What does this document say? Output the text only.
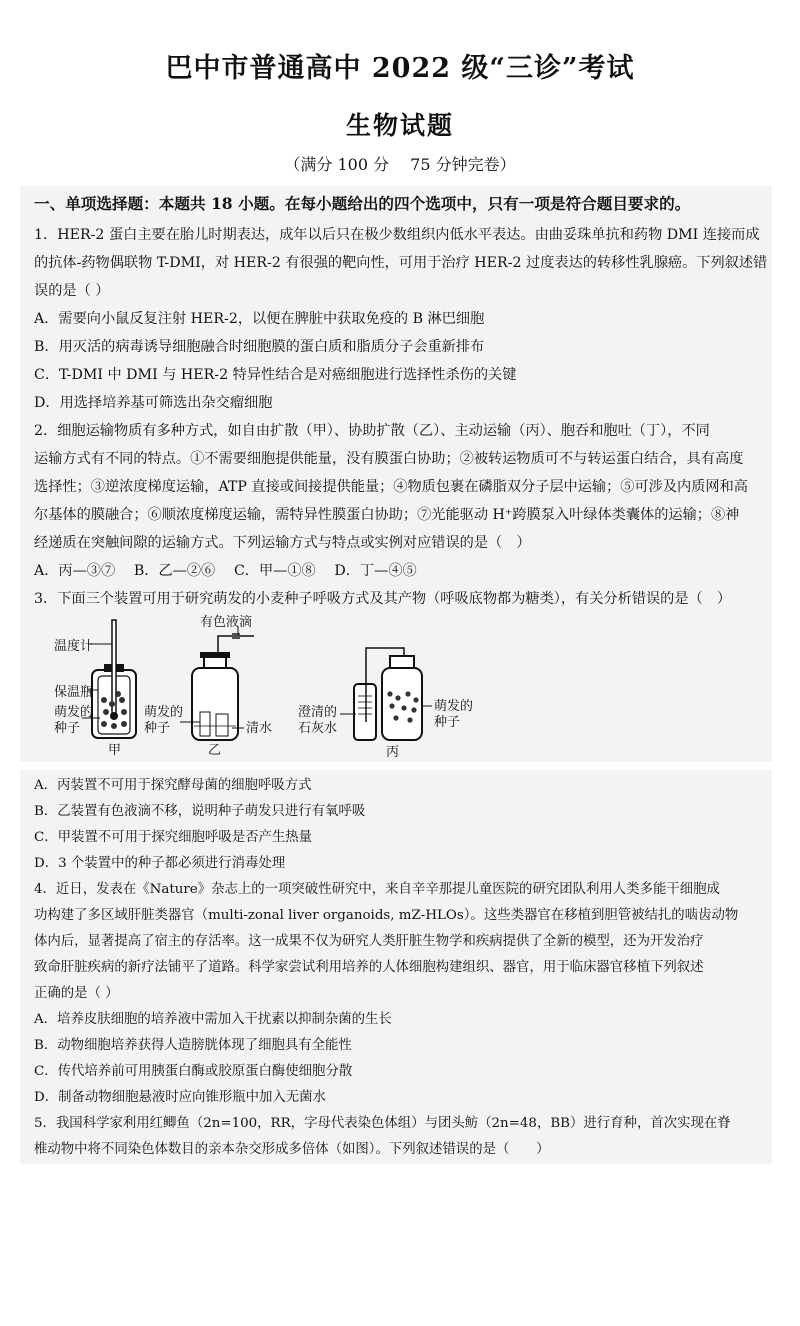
巴中市普通高中 2022 级“三诊”考试
生物试题
（满分 100 分　 75 分钟完卷）
一、单项选择题：本题共 18 小题。在每小题给出的四个选项中，只有一项是符合题目要求的。
1．HER-2 蛋白主要在胎儿时期表达，成年以后只在极少数组织内低水平表达。由曲妥珠单抗和药物 DMI 连接而成
的抗体-药物偶联物 T-DMI，对 HER-2 有很强的靶向性，可用于治疗 HER-2 过度表达的转移性乳腺癌。下列叙述错
误的是（ ）
A．需要向小鼠反复注射 HER-2，以便在脾脏中获取免疫的 B 淋巴细胞
B．用灭活的病毒诱导细胞融合时细胞膜的蛋白质和脂质分子会重新排布
C．T-DMI 中 DMI 与 HER-2 特异性结合是对癌细胞进行选择性杀伤的关键
D．用选择培养基可筛选出杂交瘤细胞
2．细胞运输物质有多种方式，如自由扩散（甲）、协助扩散（乙）、主动运输（丙）、胞吞和胞吐（丁），不同
运输方式有不同的特点。①不需要细胞提供能量，没有膜蛋白协助；②被转运物质可不与转运蛋白结合，具有高度
选择性；③逆浓度梯度运输，ATP 直接或间接提供能量；④物质包裹在磷脂双分子层中运输；⑤可涉及内质网和高
尔基体的膜融合；⑥顺浓度梯度运输，需特异性膜蛋白协助；⑦光能驱动 H⁺跨膜泵入叶绿体类囊体的运输；⑧神
经递质在突触间隙的运输方式。下列运输方式与特点或实例对应错误的是（　）
A．丙—③⑦　 B．乙—②⑥　 C．甲—①⑧　 D．丁—④⑤
3．下面三个装置可用于研究萌发的小麦种子呼吸方式及其产物（呼吸底物都为糖类），有关分析错误的是（　）
温度计
保温瓶
萌发的
种子
甲
有色液滴
萌发的
种子	清水
乙
澄清的
石灰水
萌发的
种子
丙
A．丙装置不可用于探究酵母菌的细胞呼吸方式
B．乙装置有色液滴不移，说明种子萌发只进行有氧呼吸
C．甲装置不可用于探究细胞呼吸是否产生热量
D．3 个装置中的种子都必须进行消毒处理
4．近日，发表在《Nature》杂志上的一项突破性研究中，来自辛辛那提儿童医院的研究团队利用人类多能干细胞成
功构建了多区域肝脏类器官（multi-zonal liver organoids, mZ-HLOs）。这些类器官在移植到胆管被结扎的啮齿动物
体内后，显著提高了宿主的存活率。这一成果不仅为研究人类肝脏生物学和疾病提供了全新的模型，还为开发治疗
致命肝脏疾病的新疗法铺平了道路。科学家尝试利用培养的人体细胞构建组织、器官，用于临床器官移植下列叙述
正确的是（ ）
A．培养皮肤细胞的培养液中需加入干扰素以抑制杂菌的生长
B．动物细胞培养获得人造膀胱体现了细胞具有全能性
C．传代培养前可用胰蛋白酶或胶原蛋白酶使细胞分散
D．制备动物细胞悬液时应向锥形瓶中加入无菌水
5．我国科学家利用红鲫鱼（2n=100，RR，字母代表染色体组）与团头鲂（2n=48，BB）进行育种，首次实现在脊
椎动物中将不同染色体数目的亲本杂交形成多倍体（如图）。下列叙述错误的是（　　）
